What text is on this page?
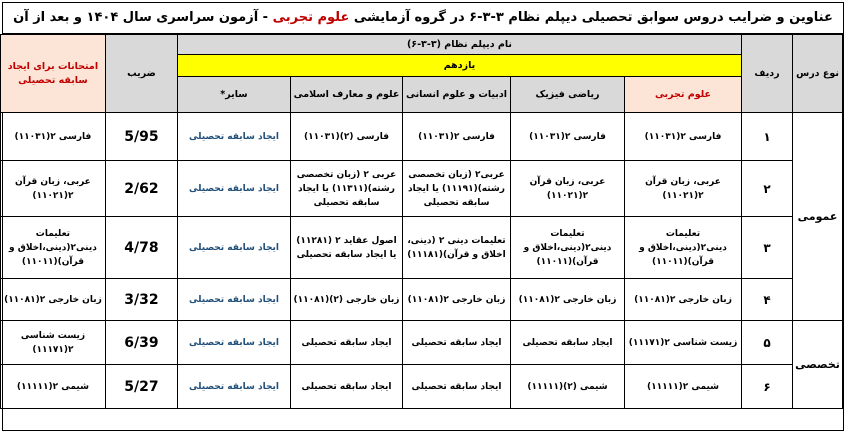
عناوین و ضرایب دروس سوابق تحصیلی دیپلم نظام ۳-۳-۶ در گروه آزمایشی علوم تجربی - آزمون سراسری سال ۱۴۰۴ و بعد از آن
نوع درس	ردیف	نام دیپلم نظام (۳-۳-۶)					ضریب	امتحانات برای ایجاد سابقه تحصیلی
		یازدهم						
		علوم تجربی	ریاضی فیزیک	ادبیات و علوم انسانی	علوم و معارف اسلامی	سایر*		
عمومی	۱	فارسی ۲(۱۱۰۳۱)	فارسی ۲(۱۱۰۳۱)	فارسی ۲(۱۱۰۳۱)	فارسی (۲)(۱۱۰۳۱)	ایجاد سابقه تحصیلی	5/95	فارسی ۲(۱۱۰۳۱)
	۲	عربی، زبان قرآن ۲(۱۱۰۲۱)	عربی، زبان قرآن ۲(۱۱۰۲۱)	عربی۲ (زبان تخصصی رشته)(۱۱۱۹۱) یا ایجاد سابقه تحصیلی	عربی ۲ (زبان تخصصی رشته)(۱۱۳۱۱) یا ایجاد سابقه تحصیلی	ایجاد سابقه تحصیلی	2/62	عربی، زبان قرآن ۲(۱۱۰۲۱)
	۳	تعلیمات دینی۲(دینی،اخلاق و قرآن)(۱۱۰۱۱)	تعلیمات دینی۲(دینی،اخلاق و قرآن)(۱۱۰۱۱)	تعلیمات دینی ۲ (دینی، اخلاق و قرآن)(۱۱۱۸۱)	اصول عقاید ۲ (۱۱۲۸۱) یا ایجاد سابقه تحصیلی	ایجاد سابقه تحصیلی	4/78	تعلیمات دینی۲(دینی،اخلاق و قرآن)(۱۱۰۱۱)
	۴	زبان خارجی ۲(۱۱۰۸۱)	زبان خارجی ۲(۱۱۰۸۱)	زبان خارجی ۲(۱۱۰۸۱)	زبان خارجی (۲)(۱۱۰۸۱)	ایجاد سابقه تحصیلی	3/32	زبان خارجی ۲(۱۱۰۸۱)
تخصصی	۵	زیست شناسی ۲(۱۱۱۷۱)	ایجاد سابقه تحصیلی	ایجاد سابقه تحصیلی	ایجاد سابقه تحصیلی	ایجاد سابقه تحصیلی	6/39	زیست شناسی ۲(۱۱۱۷۱)
	۶	شیمی ۲(۱۱۱۱۱)	شیمی (۲)(۱۱۱۱۱)	ایجاد سابقه تحصیلی	ایجاد سابقه تحصیلی	ایجاد سابقه تحصیلی	5/27	شیمی ۲(۱۱۱۱۱)
